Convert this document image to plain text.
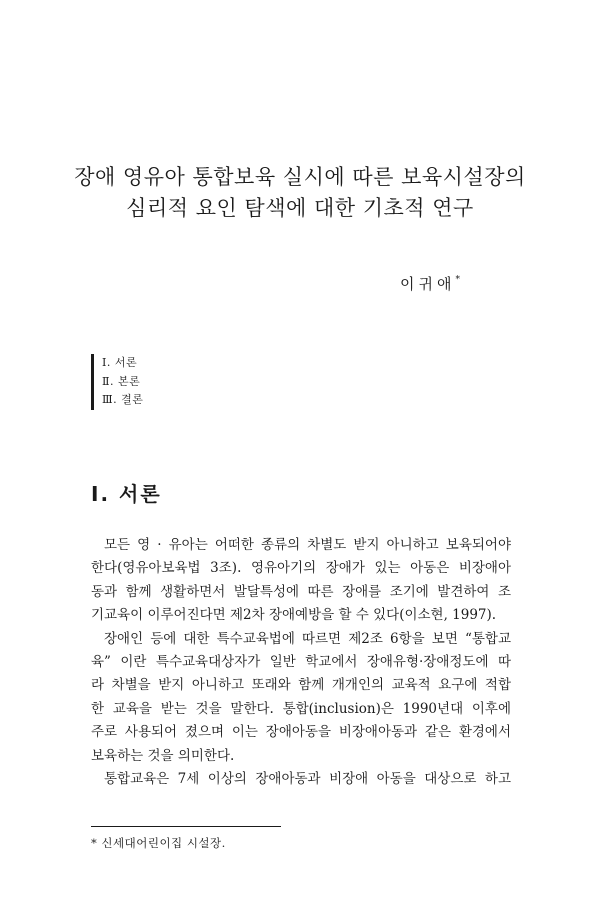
장애 영유아 통합보육 실시에 따른 보육시설장의
심리적 요인 탐색에 대한 기초적 연구
이귀애*
Ⅰ. 서론
Ⅱ. 본론
Ⅲ. 결론
Ⅰ. 서론

모든 영 · 유아는 어떠한 종류의 차별도 받지 아니하고 보육되어야

한다(영유아보육법 3조). 영유아기의 장애가 있는 아동은 비장애아

동과 함께 생활하면서 발달특성에 따른 장애를 조기에 발견하여 조

기교육이 이루어진다면 제2차 장애예방을 할 수 있다(이소현, 1997).

장애인 등에 대한 특수교육법에 따르면 제2조 6항을 보면 “통합교

육” 이란 특수교육대상자가 일반 학교에서 장애유형·장애정도에 따

라 차별을 받지 아니하고 또래와 함께 개개인의 교육적 요구에 적합

한 교육을 받는 것을 말한다. 통합(inclusion)은 1990년대 이후에

주로 사용되어 졌으며 이는 장애아동을 비장애아동과 같은 환경에서

보육하는 것을 의미한다.

통합교육은 7세 이상의 장애아동과 비장애 아동을 대상으로 하고

* 신세대어린이집 시설장.
